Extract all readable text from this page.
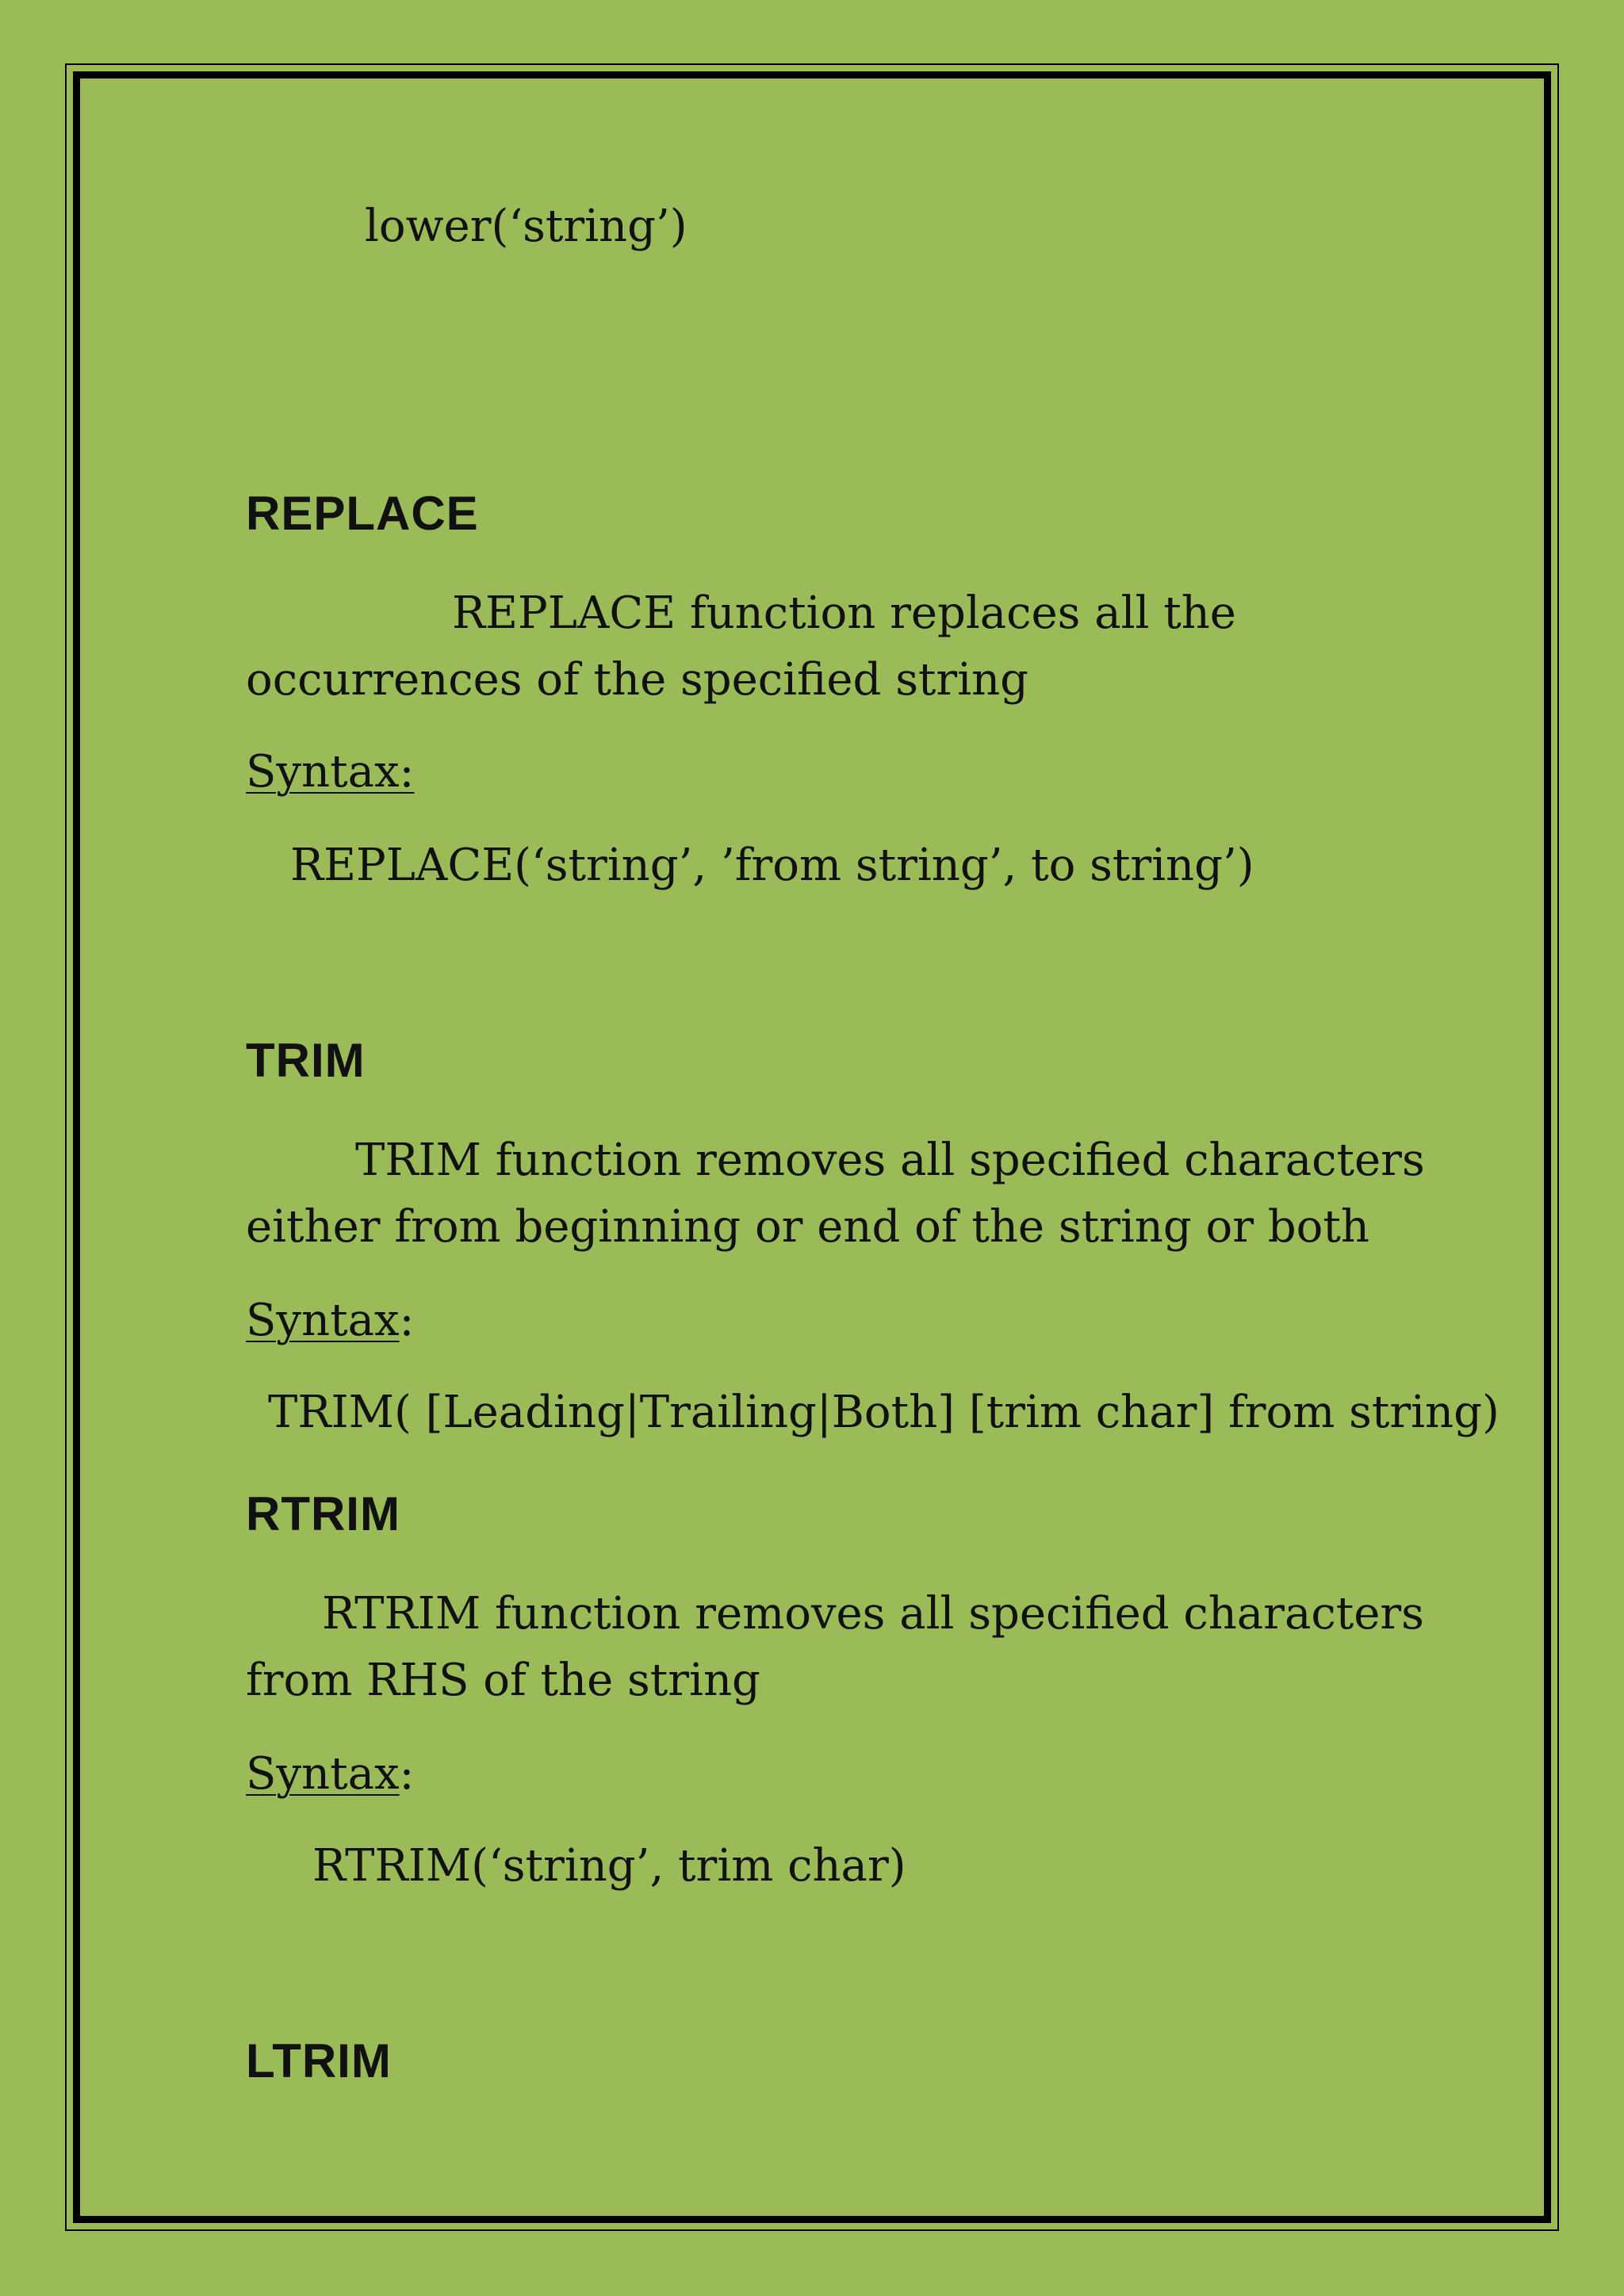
lower(‘string’)
REPLACE
REPLACE function replaces all the
occurrences of the specified string
Syntax:
REPLACE(‘string’, ’from string’, to string’)
TRIM
TRIM function removes all specified characters
either from beginning or end of the string or both
Syntax:
TRIM( [Leading|Trailing|Both] [trim char] from string)
RTRIM
RTRIM function removes all specified characters
from RHS of the string
Syntax:
RTRIM(‘string’, trim char)
LTRIM
